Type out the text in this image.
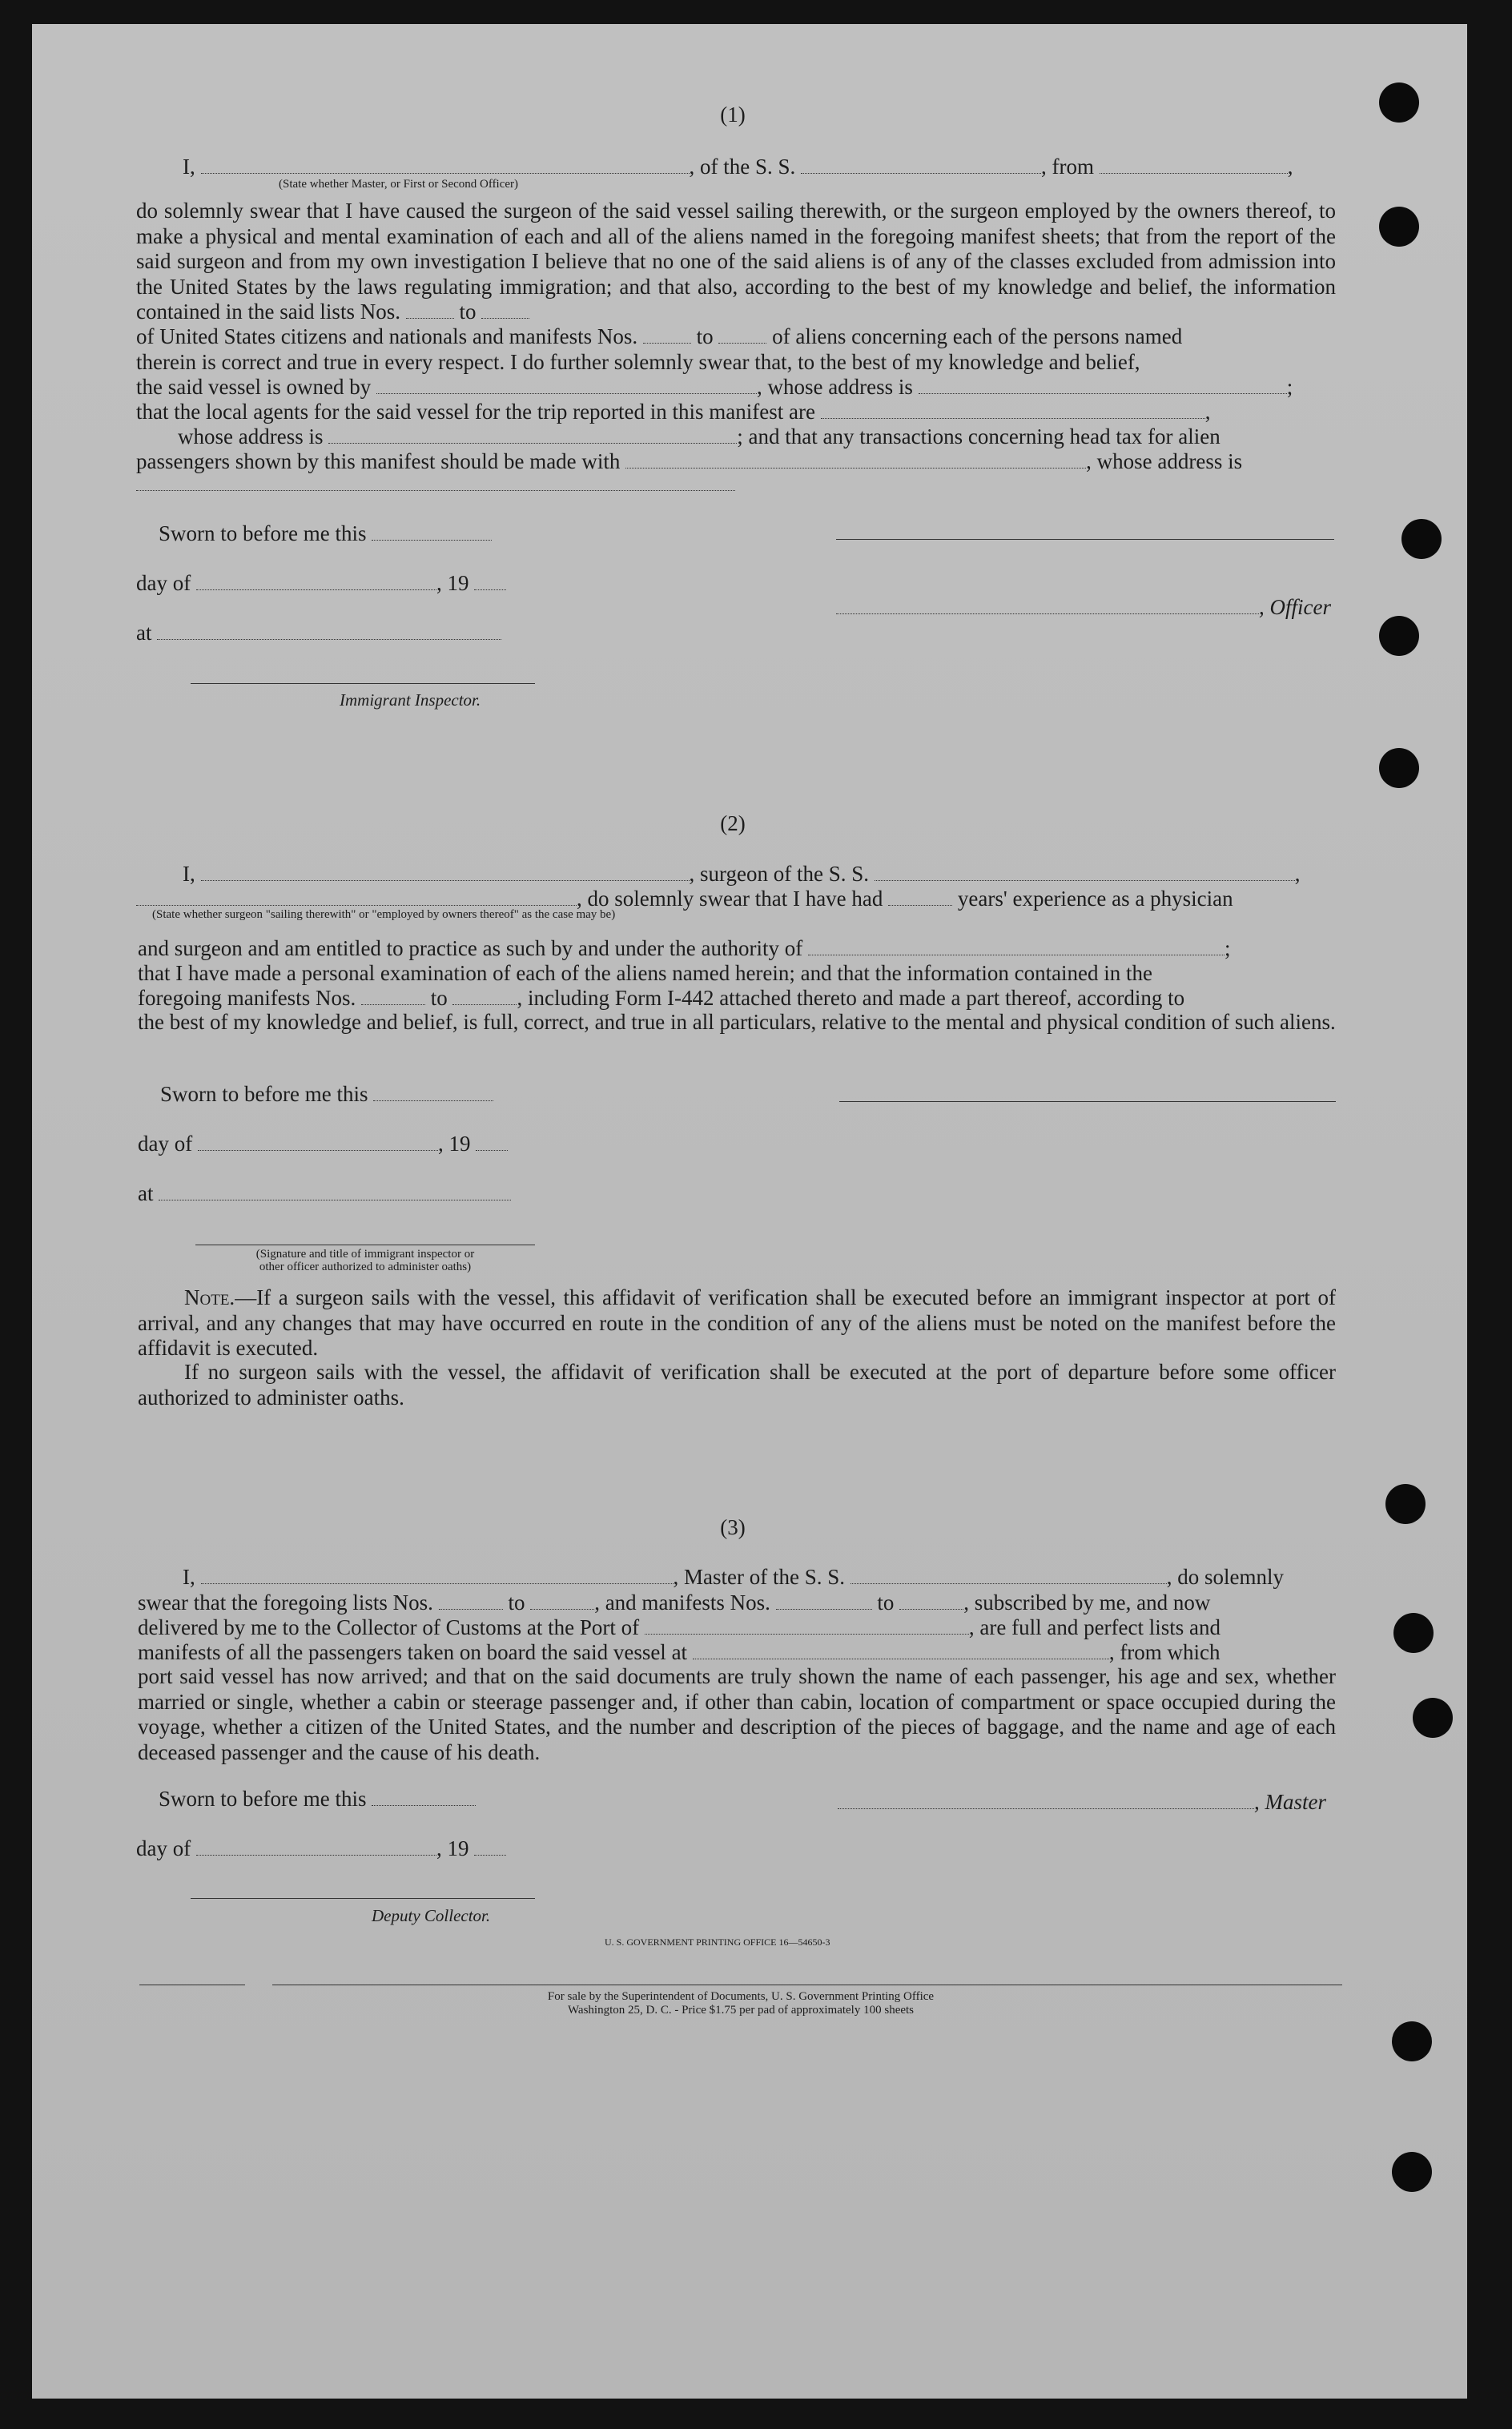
(1)
I,	, of the S. S.	, from	,
(State whether Master, or First or Second Officer)
do solemnly swear that I have caused the surgeon of the said vessel sailing therewith, or the surgeon employed by the owners thereof, to make a physical and mental examination of each and all of the aliens named in the foregoing manifest sheets; that from the report of the said surgeon and from my own investigation I believe that no one of the said aliens is of any of the classes excluded from admission into the United States by the laws regulating immigration; and that also, according to the best of my knowledge and belief, the information contained in the said lists Nos.	to
of United States citizens and nationals and manifests Nos.	to	of aliens concerning each of the persons named
therein is correct and true in every respect. I do further solemnly swear that, to the best of my knowledge and belief,
the said vessel is owned by	, whose address is	;
that the local agents for the said vessel for the trip reported in this manifest are	,
whose address is	; and that any transactions concerning head tax for alien
passengers shown by this manifest should be made with	, whose address is
Sworn to before me this
day of	, 19
, Officer
at
Immigrant Inspector.
(2)
I,	, surgeon of the S. S.	,
, do solemnly swear that I have had	years' experience as a physician
(State whether surgeon "sailing therewith" or "employed by owners thereof" as the case may be)
and surgeon and am entitled to practice as such by and under the authority of	;
that I have made a personal examination of each of the aliens named herein; and that the information contained in the
foregoing manifests Nos.	to	, including Form I-442 attached thereto and made a part thereof, according to
the best of my knowledge and belief, is full, correct, and true in all particulars, relative to the mental and physical condition of such aliens.
Sworn to before me this
day of	, 19
at
(Signature and title of immigrant inspector or
other officer authorized to administer oaths)
Note.—If a surgeon sails with the vessel, this affidavit of verification shall be executed before an immigrant inspector at port of arrival, and any changes that may have occurred en route in the condition of any of the aliens must be noted on the manifest before the affidavit is executed.
If no surgeon sails with the vessel, the affidavit of verification shall be executed at the port of departure before some officer authorized to administer oaths.
(3)
I,	, Master of the S. S.	, do solemnly
swear that the foregoing lists Nos.	to	, and manifests Nos.	to	, subscribed by me, and now
delivered by me to the Collector of Customs at the Port of	, are full and perfect lists and
manifests of all the passengers taken on board the said vessel at	, from which
port said vessel has now arrived; and that on the said documents are truly shown the name of each passenger, his age and sex, whether married or single, whether a cabin or steerage passenger and, if other than cabin, location of compartment or space occupied during the voyage, whether a citizen of the United States, and the number and description of the pieces of baggage, and the name and age of each deceased passenger and the cause of his death.
Sworn to before me this	, Master
day of	, 19
Deputy Collector.
U. S. GOVERNMENT PRINTING OFFICE 16—54650-3
For sale by the Superintendent of Documents, U. S. Government Printing Office
Washington 25, D. C. - Price $1.75 per pad of approximately 100 sheets
